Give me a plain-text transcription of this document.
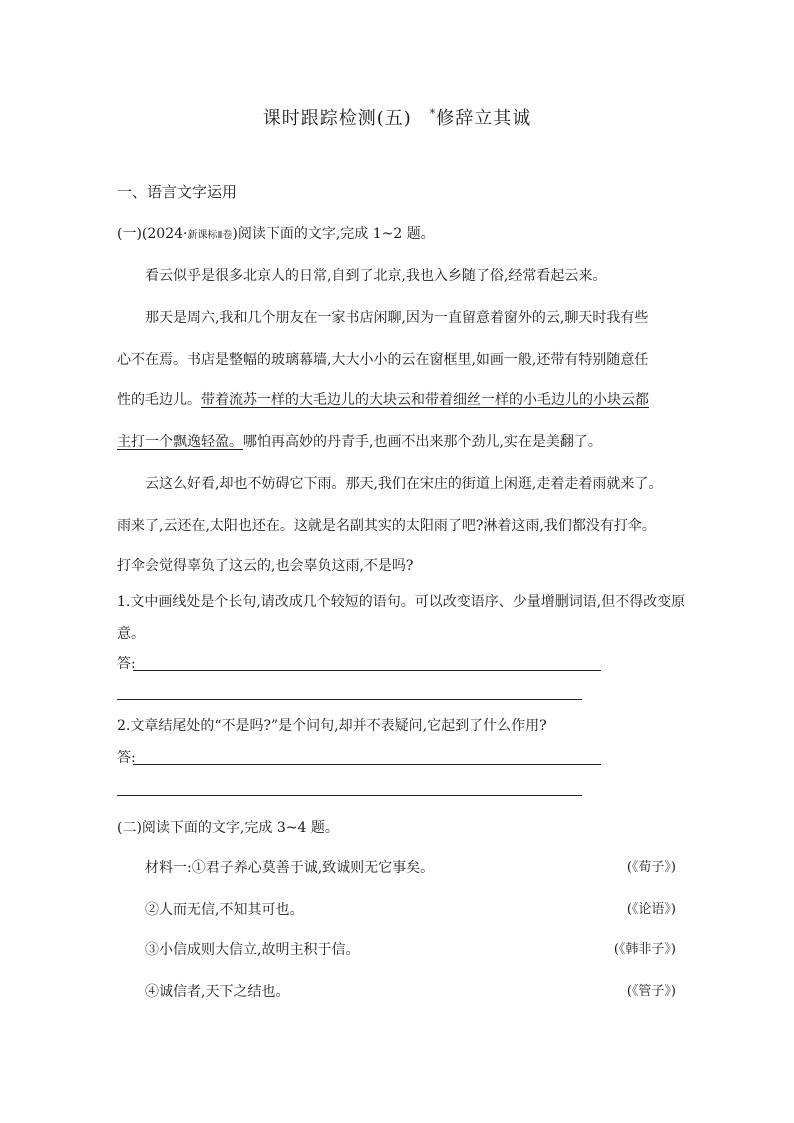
课时跟踪检测(五) *修辞立其诚
一、语言文字运用
(一)(2024·新课标Ⅱ卷)阅读下面的文字,完成 1~2 题。
看云似乎是很多北京人的日常,自到了北京,我也入乡随了俗,经常看起云来。
那天是周六,我和几个朋友在一家书店闲聊,因为一直留意着窗外的云,聊天时我有些
心不在焉。书店是整幅的玻璃幕墙,大大小小的云在窗框里,如画一般,还带有特别随意任
性的毛边儿。带着流苏一样的大毛边儿的大块云和带着细丝一样的小毛边儿的小块云都
主打一个飘逸轻盈。哪怕再高妙的丹青手,也画不出来那个劲儿,实在是美翻了。
云这么好看,却也不妨碍它下雨。那天,我们在宋庄的街道上闲逛,走着走着雨就来了。
雨来了,云还在,太阳也还在。这就是名副其实的太阳雨了吧?淋着这雨,我们都没有打伞。
打伞会觉得辜负了这云的,也会辜负这雨,不是吗?
1.文中画线处是个长句,请改成几个较短的语句。可以改变语序、少量增删词语,但不得改变原
意。
答:
2.文章结尾处的“不是吗?”是个问句,却并不表疑问,它起到了什么作用?
答:
(二)阅读下面的文字,完成 3~4 题。
材料一:①君子养心莫善于诚,致诚则无它事矣。	(《荀子》)
②人而无信,不知其可也。	(《论语》)
③小信成则大信立,故明主积于信。	(《韩非子》)
④诚信者,天下之结也。	(《管子》)
